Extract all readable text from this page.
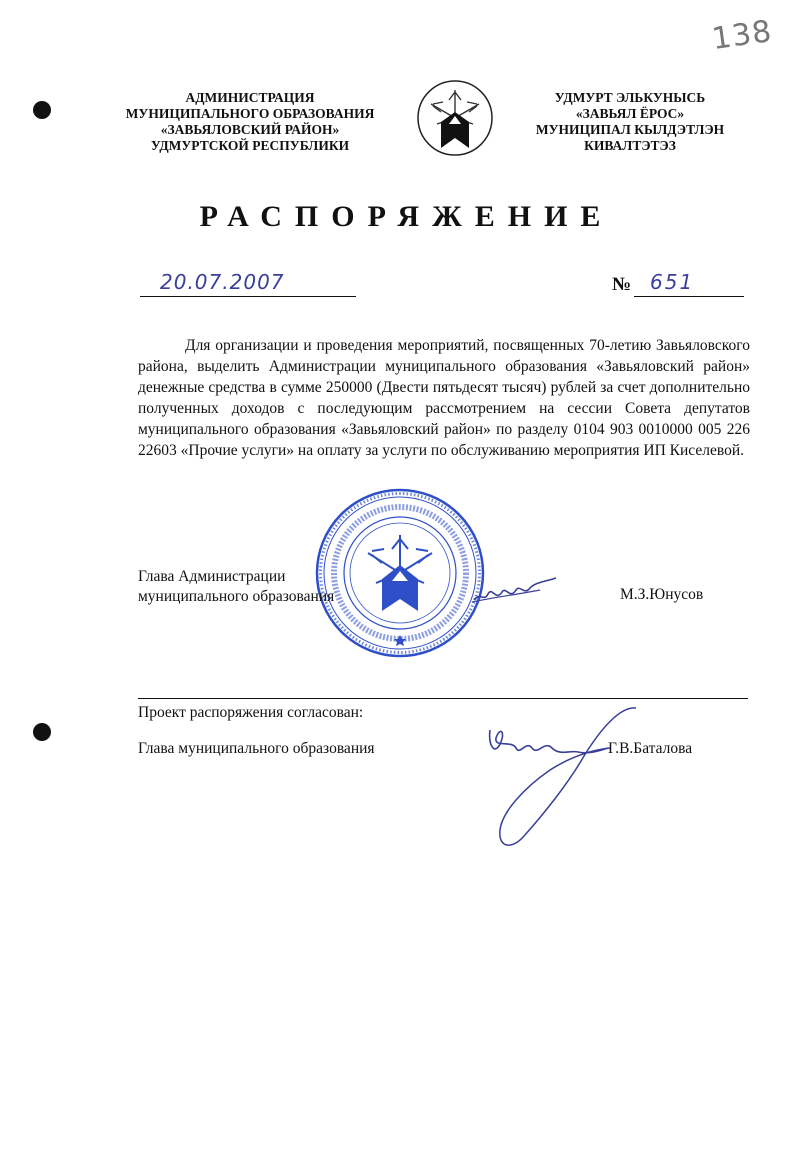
138
АДМИНИСТРАЦИЯ
МУНИЦИПАЛЬНОГО ОБРАЗОВАНИЯ
«ЗАВЬЯЛОВСКИЙ РАЙОН»
УДМУРТСКОЙ РЕСПУБЛИКИ
УДМУРТ ЭЛЬКУНЫСЬ
«ЗАВЬЯЛ ЁРОС»
МУНИЦИПАЛ КЫЛДЭТЛЭН
КИВАЛТЭТЭЗ
РАСПОРЯЖЕНИЕ
20.07.2007	№ 651
Для организации и проведения мероприятий, посвященных 70-летию Завьяловского района, выделить Администрации муниципального образования «Завьяловский район» денежные средства в сумме 250000 (Двести пятьдесят тысяч) рублей за счет дополнительно полученных доходов с последующим рассмотрением на сессии Совета депутатов муниципального образования «Завьяловский район» по разделу 0104 903 0010000 005 226 22603 «Прочие услуги» на оплату за услуги по обслуживанию мероприятия ИП Киселевой.
Глава Администрации
муниципального образования	М.З.Юнусов
Проект распоряжения согласован:
Глава муниципального образования	Г.В.Баталова
